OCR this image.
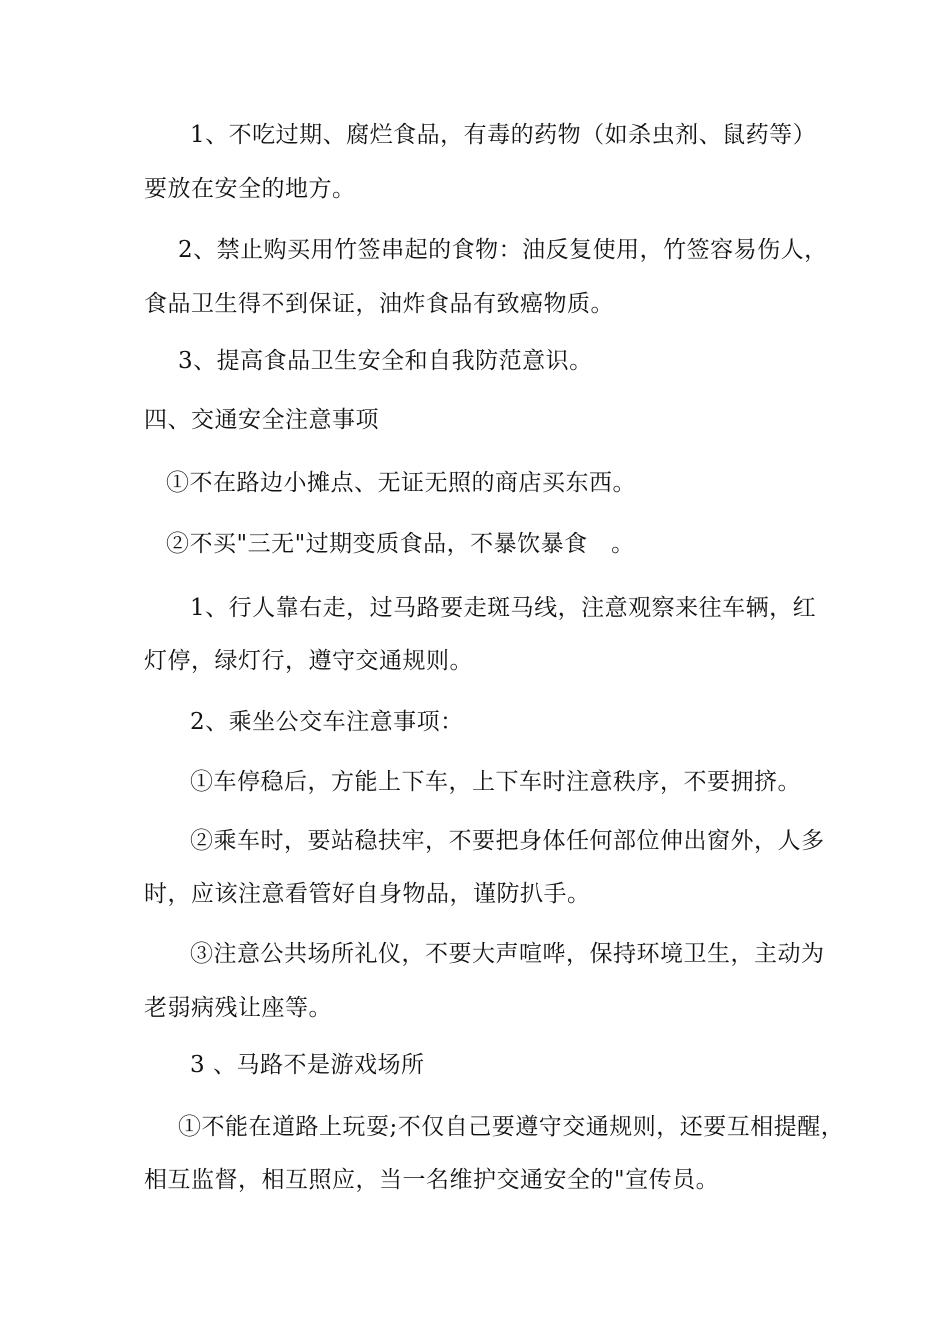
1、不吃过期、腐烂食品，有毒的药物（如杀虫剂、鼠药等）
要放在安全的地方。
2、禁止购买用竹签串起的食物：油反复使用，竹签容易伤人，
食品卫生得不到保证，油炸食品有致癌物质。
3、提高食品卫生安全和自我防范意识。
四、交通安全注意事项
①不在路边小摊点、无证无照的商店买东西。
②不买"三无"过期变质食品，不暴饮暴食　。
1、行人靠右走，过马路要走斑马线，注意观察来往车辆，红
灯停，绿灯行，遵守交通规则。
2、乘坐公交车注意事项：
①车停稳后，方能上下车，上下车时注意秩序，不要拥挤。
②乘车时，要站稳扶牢，不要把身体任何部位伸出窗外，人多
时，应该注意看管好自身物品，谨防扒手。
③注意公共场所礼仪，不要大声喧哗，保持环境卫生，主动为
老弱病残让座等。
3 、马路不是游戏场所
①不能在道路上玩耍;不仅自己要遵守交通规则，还要互相提醒，
相互监督，相互照应，当一名维护交通安全的"宣传员。
